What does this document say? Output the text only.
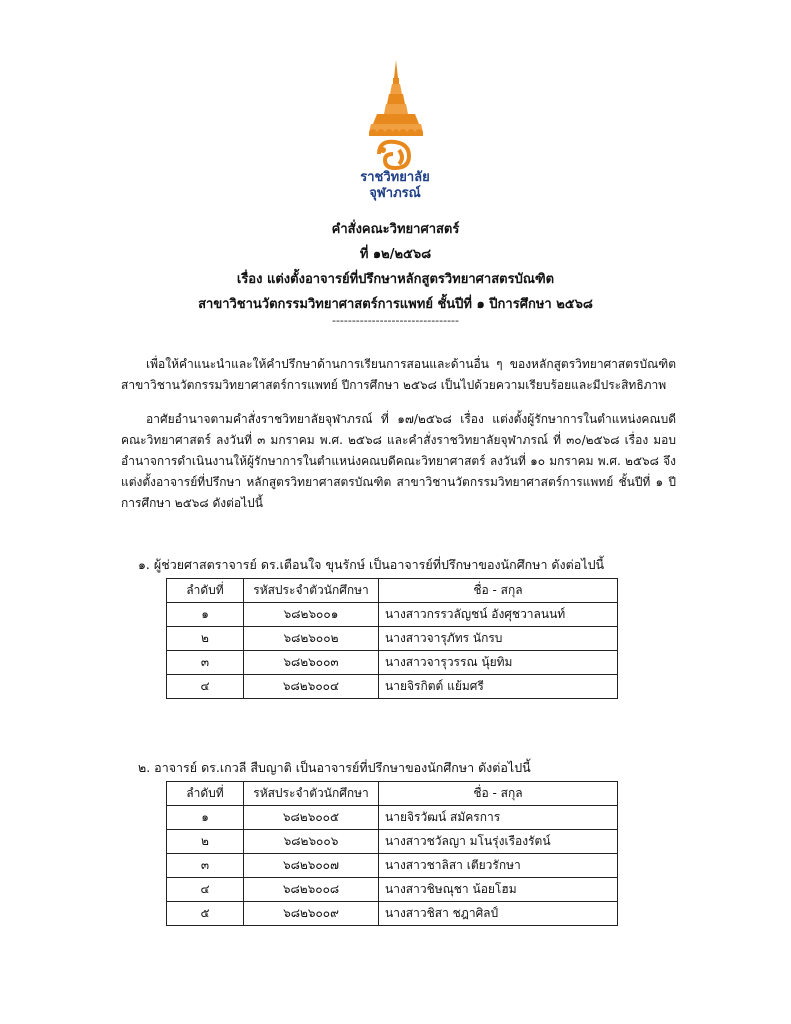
ราชวิทยาลัย
จุฬาภรณ์
คำสั่งคณะวิทยาศาสตร์
ที่ ๑๒/๒๕๖๘
เรื่อง แต่งตั้งอาจารย์ที่ปรึกษาหลักสูตรวิทยาศาสตรบัณฑิต
สาขาวิชานวัตกรรมวิทยาศาสตร์การแพทย์ ชั้นปีที่ ๑ ปีการศึกษา ๒๕๖๘
--------------------------------
เพื่อให้คำแนะนำและให้คำปรึกษาด้านการเรียนการสอนและด้านอื่น ๆ ของหลักสูตรวิทยาศาสตรบัณฑิต สาขาวิชานวัตกรรมวิทยาศาสตร์การแพทย์ ปีการศึกษา ๒๕๖๘ เป็นไปด้วยความเรียบร้อยและมีประสิทธิภาพ
อาศัยอำนาจตามคำสั่งราชวิทยาลัยจุฬาภรณ์ ที่ ๑๗/๒๕๖๘ เรื่อง แต่งตั้งผู้รักษาการในตำแหน่งคณบดีคณะวิทยาศาสตร์ ลงวันที่ ๓ มกราคม พ.ศ. ๒๕๖๘ และคำสั่งราชวิทยาลัยจุฬาภรณ์ ที่ ๓๐/๒๕๖๘ เรื่อง มอบอำนาจการดำเนินงานให้ผู้รักษาการในตำแหน่งคณบดีคณะวิทยาศาสตร์ ลงวันที่ ๑๐ มกราคม พ.ศ. ๒๕๖๘ จึงแต่งตั้งอาจารย์ที่ปรึกษา หลักสูตรวิทยาศาสตรบัณฑิต สาขาวิชานวัตกรรมวิทยาศาสตร์การแพทย์ ชั้นปีที่ ๑ ปีการศึกษา ๒๕๖๘ ดังต่อไปนี้
๑. ผู้ช่วยศาสตราจารย์ ดร.เตือนใจ ขุนรักษ์ เป็นอาจารย์ที่ปรึกษาของนักศึกษา ดังต่อไปนี้
ลำดับที่	รหัสประจำตัวนักศึกษา	ชื่อ - สกุล
๑	๖๘๒๖๐๐๑	นางสาวกรรวลัญชน์ อังศุชวาลนนท์
๒	๖๘๒๖๐๐๒	นางสาวจารุภัทร นักรบ
๓	๖๘๒๖๐๐๓	นางสาวจารุวรรณ นุ้ยทิม
๔	๖๘๒๖๐๐๔	นายจิรกิตต์ แย้มศรี
๒. อาจารย์ ดร.เกวลี สืบญาติ เป็นอาจารย์ที่ปรึกษาของนักศึกษา ดังต่อไปนี้
ลำดับที่	รหัสประจำตัวนักศึกษา	ชื่อ - สกุล
๑	๖๘๒๖๐๐๕	นายจิรวัฒน์ สมัครการ
๒	๖๘๒๖๐๐๖	นางสาวชวัลญา มโนรุ่งเรืองรัตน์
๓	๖๘๒๖๐๐๗	นางสาวชาลิสา เตียวรักษา
๔	๖๘๒๖๐๐๘	นางสาวชิษณุชา น้อยโฮม
๕	๖๘๒๖๐๐๙	นางสาวชิสา ชฎาศิลป์
